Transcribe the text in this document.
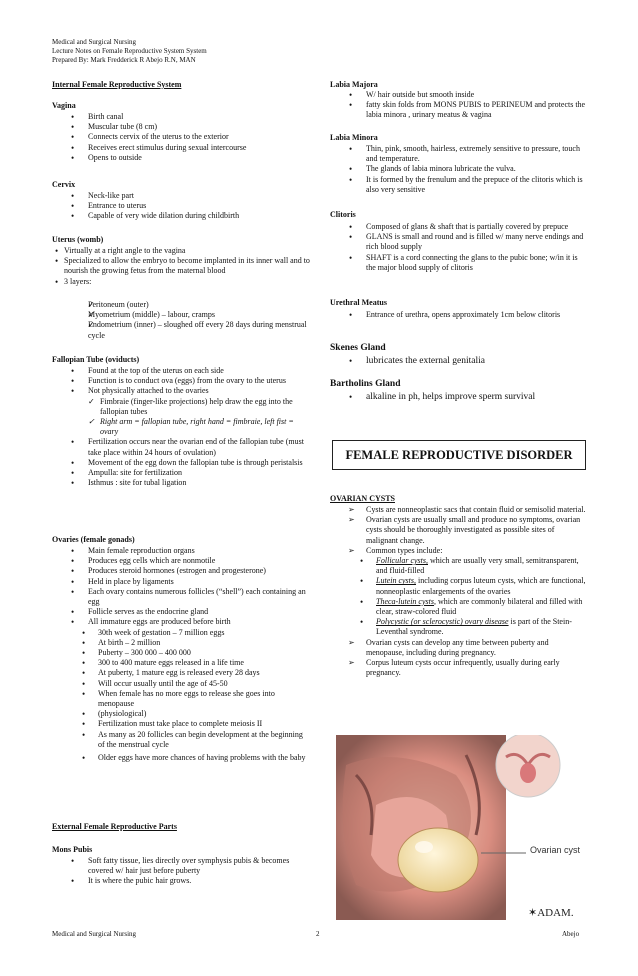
Medical and Surgical Nursing
Lecture Notes on Female Reproductive System System
Prepared By: Mark Fredderick R Abejo R.N, MAN
Internal Female Reproductive System
Vagina
• Birth canal
• Muscular tube (8 cm)
• Connects cervix of the uterus to the exterior
• Receives erect stimulus during sexual intercourse
• Opens to outside
Cervix
• Neck-like part
• Entrance to uterus
• Capable of very wide dilation during childbirth
Uterus (womb)
• Virtually at a right angle to the vagina
• Specialized to allow the embryo to become implanted in its inner wall and to nourish the growing fetus from the maternal blood
• 3 layers:
✓ Peritoneum (outer)
✓ Myometrium (middle) – labour, cramps
✓ Endometrium (inner) – sloughed off every 28 days during menstrual cycle
Fallopian Tube (oviducts)
• Found at the top of the uterus on each side
• Function is to conduct ova (eggs) from the ovary to the uterus
• Not physically attached to the ovaries
✓ Fimbraie (finger-like projections) help draw the egg into the fallopian tubes
✓ Right arm = fallopian tube, right hand = fimbraie, left fist = ovary
• Fertilization occurs near the ovarian end of the fallopian tube (must take place within 24 hours of ovulation)
• Movement of the egg down the fallopian tube is through peristalsis
• Ampulla: site for fertilization
• Isthmus : site for tubal ligation
Ovaries (female gonads)
• Main female reproduction organs
• Produces egg cells which are nonmotile
• Produces steroid hormones (estrogen and progesterone)
• Held in place by ligaments
• Each ovary contains numerous follicles (“shell”) each containing an egg
• Follicle serves as the endocrine gland
• All immature eggs are produced before birth
• 30th week of gestation – 7 million eggs
• At birth – 2 million
• Puberty – 300 000 – 400 000
• 300 to 400 mature eggs released in a life time
• At puberty, 1 mature egg is released every 28 days
• Will occur usually until the age of 45-50
• When female has no more eggs to release she goes into menopause
• (physiological)
• Fertilization must take place to complete meiosis II
• As many as 20 follicles can begin development at the beginning of the menstrual cycle
• Older eggs have more chances of having problems with the baby
External Female Reproductive Parts
Mons Pubis
• Soft fatty tissue, lies directly over symphysis pubis & becomes covered w/ hair just before puberty
• It is where the pubic hair grows.
Labia Majora
• W/ hair outside but smooth inside
• fatty skin folds from MONS PUBIS to PERINEUM and protects the labia minora , urinary meatus & vagina
Labia Minora
• Thin, pink, smooth, hairless, extremely sensitive to pressure, touch and temperature.
• The glands of labia minora lubricate the vulva.
• It is formed by the frenulum and the prepuce of the clitoris which is also very sensitive
Clitoris
• Composed of glans & shaft that is partially covered by prepuce
• GLANS is small and round and is filled w/ many nerve endings and rich blood supply
• SHAFT is a cord connecting the glans to the pubic bone; w/in it is the major blood supply of clitoris
Urethral Meatus
• Entrance of urethra, opens approximately 1cm below clitoris
Skenes Gland
• lubricates the external genitalia
Bartholins Gland
• alkaline in ph, helps improve sperm survival
OVARIAN CYSTS
➢ Cysts are nonneoplastic sacs that contain fluid or semisolid material.
➢ Ovarian cysts are usually small and produce no symptoms, ovarian cysts should be thoroughly investigated as possible sites of malignant change.
➢ Common types include:
• Follicular cysts, which are usually very small, semitransparent, and fluid-filled
• Lutein cysts, including corpus luteum cysts, which are functional, nonneoplastic enlargements of the ovaries
• Theca-lutein cysts, which are commonly bilateral and filled with clear, straw-colored fluid
• Polycystic (or sclerocystic) ovary disease is part of the Stein-Leventhal syndrome.
➢ Ovarian cysts can develop any time between puberty and menopause, including during pregnancy.
➢ Corpus luteum cysts occur infrequently, usually during early pregnancy.
FEMALE REPRODUCTIVE DISORDER
Ovarian cyst
✶ADAM.
Medical and Surgical Nursing	2	Abejo
